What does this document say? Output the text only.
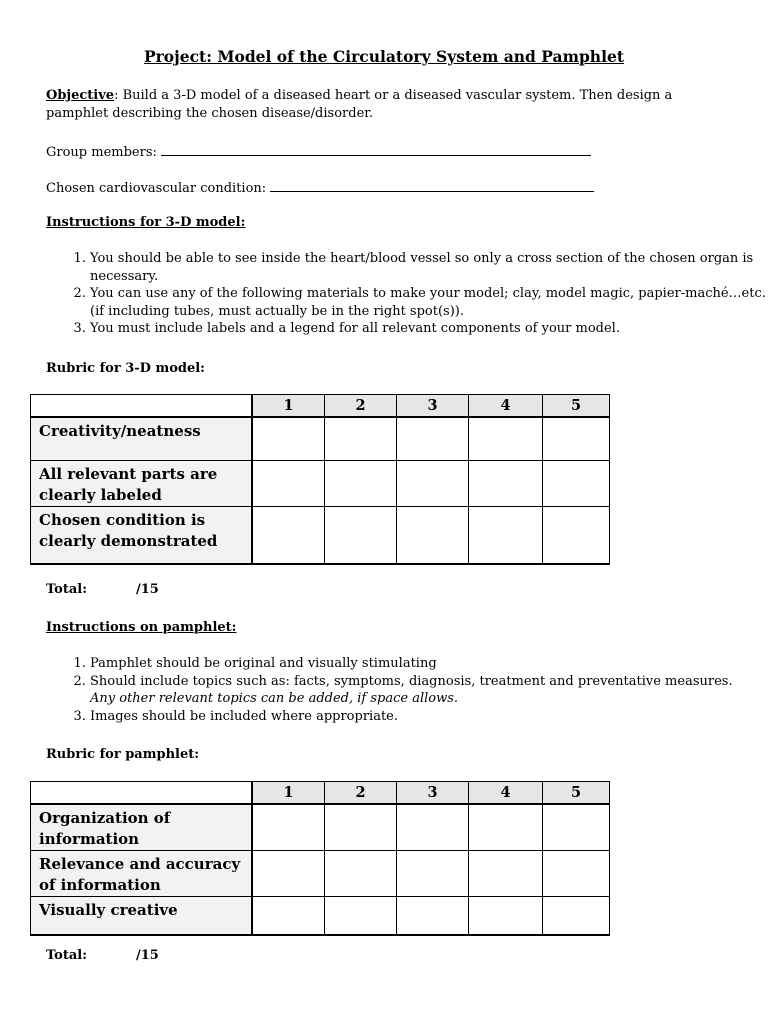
Project: Model of the Circulatory System and Pamphlet
Objective: Build a 3-D model of a diseased heart or a diseased vascular system. Then design a pamphlet describing the chosen disease/disorder.
Group members:
Chosen cardiovascular condition:
Instructions for 3-D model:
1. You should be able to see inside the heart/blood vessel so only a cross section of the chosen organ is necessary.
2. You can use any of the following materials to make your model; clay, model magic, papier-maché…etc. (if including tubes, must actually be in the right spot(s)).
3. You must include labels and a legend for all relevant components of your model.
Rubric for 3-D model:
	1	2	3	4	5
Creativity/neatness					
All relevant parts are clearly labeled					
Chosen condition is clearly demonstrated					
Total:	/15
Instructions on pamphlet:
1. Pamphlet should be original and visually stimulating
2. Should include topics such as: facts, symptoms, diagnosis, treatment and preventative measures.
Any other relevant topics can be added, if space allows.
3. Images should be included where appropriate.
Rubric for pamphlet:
	1	2	3	4	5
Organization of information					
Relevance and accuracy of information					
Visually creative					
Total:	/15
